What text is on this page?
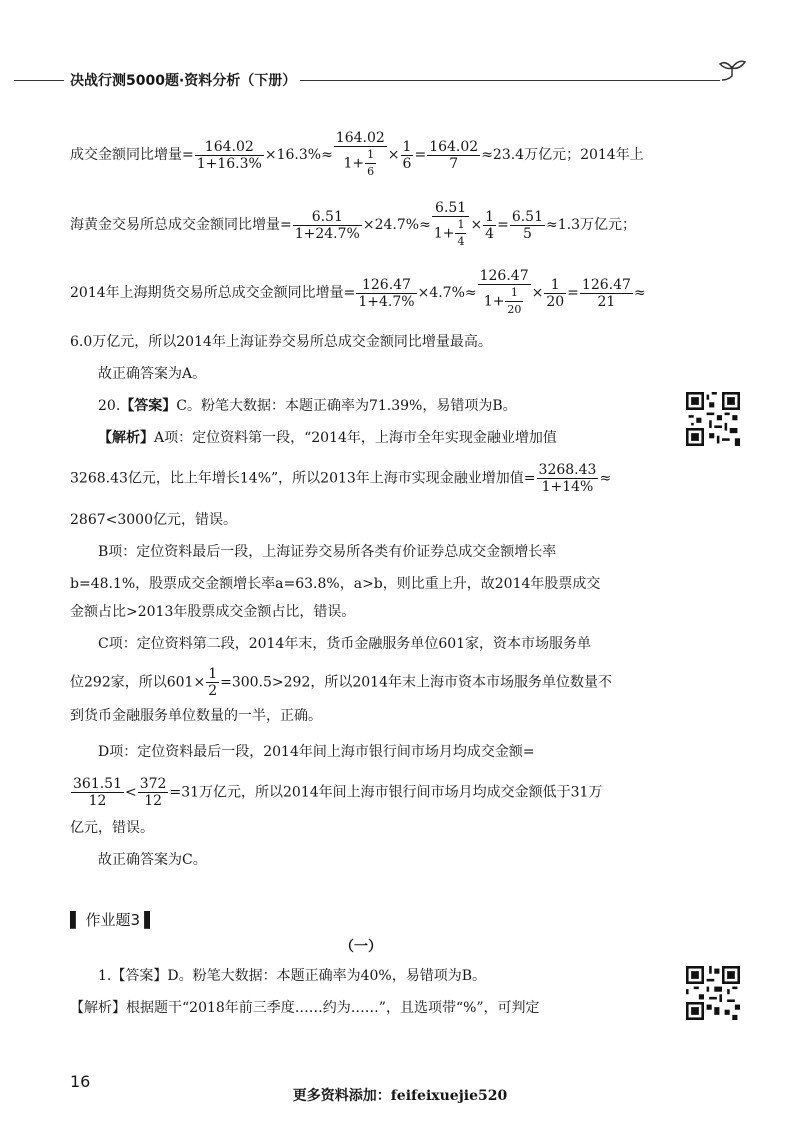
决战行测5000题·资料分析（下册）
成交金额同比增量= $\frac{164.02}{1+16.3\%} \times 16.3\%\approx \frac{164.02}{1+ \frac{1}{6}} \times \frac{1}{6} = \frac{164.02}{7} \approx 23.4$万亿元；2014年上
海黄金交易所总成交金额同比增量= $\frac{6.51}{1+24.7\%} \times 24.7\%\approx \frac{6.51}{1+ \frac{1}{4}} \times \frac{1}{4} = \frac{6.51}{5} \approx 1.3$万亿元；
2014年上海期货交易所总成交金额同比增量= $\frac{126.47}{1+4.7\%} \times 4.7\%\approx \frac{126.47}{1+ \frac{1}{20}} \times \frac{1}{20} = \frac{126.47}{21}$ ≈
6.0万亿元，所以2014年上海证券交易所总成交金额同比增量最高。
故正确答案为A。
20.【答案】C。粉笔大数据：本题正确率为71.39%，易错项为B。
【解析】A项：定位资料第一段，“2014年，上海市全年实现金融业增加值
3268.43亿元，比上年增长14%”，所以2013年上海市实现金融业增加值= $\frac{3268.43}{1+14\%}$ ≈
2867<3000亿元，错误。
B项：定位资料最后一段，上海证券交易所各类有价证券总成交金额增长率
b=48.1%，股票成交金额增长率a=63.8%，a>b，则比重上升，故2014年股票成交
金额占比>2013年股票成交金额占比，错误。
C项：定位资料第二段，2014年末，货币金融服务单位601家，资本市场服务单
位292家，所以$601\times \frac{1}{2} =300.5>292$，所以2014年末上海市资本市场服务单位数量不
到货币金融服务单位数量的一半，正确。
D项：定位资料最后一段，2014年间上海市银行间市场月均成交金额=
$\frac{361.51}{12} < \frac{372}{12} =31$万亿元，所以2014年间上海市银行间市场月均成交金额低于31万
亿元，错误。
故正确答案为C。
▌ 作业题3 ▌
（一）
1.【答案】D。粉笔大数据：本题正确率为40%，易错项为B。
【解析】根据题干“2018年前三季度……约为……”，且选项带“%”，可判定
16
更多资料添加：feifeixuejie520
